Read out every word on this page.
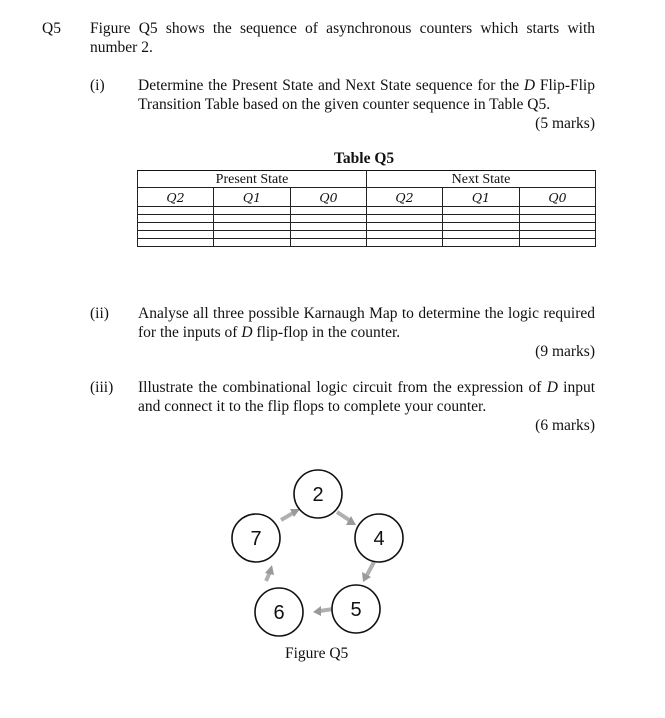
Q5 Figure Q5 shows the sequence of asynchronous counters which starts with
number 2.
(i) Determine the Present State and Next State sequence for the D Flip-Flip
Transition Table based on the given counter sequence in Table Q5.
(5 marks)
Table Q5
Present State			Next State		
Q2	Q1	Q0	Q2	Q1	Q0

(ii) Analyse all three possible Karnaugh Map to determine the logic required
for the inputs of D flip-flop in the counter.
(9 marks)
(iii) Illustrate the combinational logic circuit from the expression of D input
and connect it to the flip flops to complete your counter.
(6 marks)
2
4
5
6
7
Figure Q5
